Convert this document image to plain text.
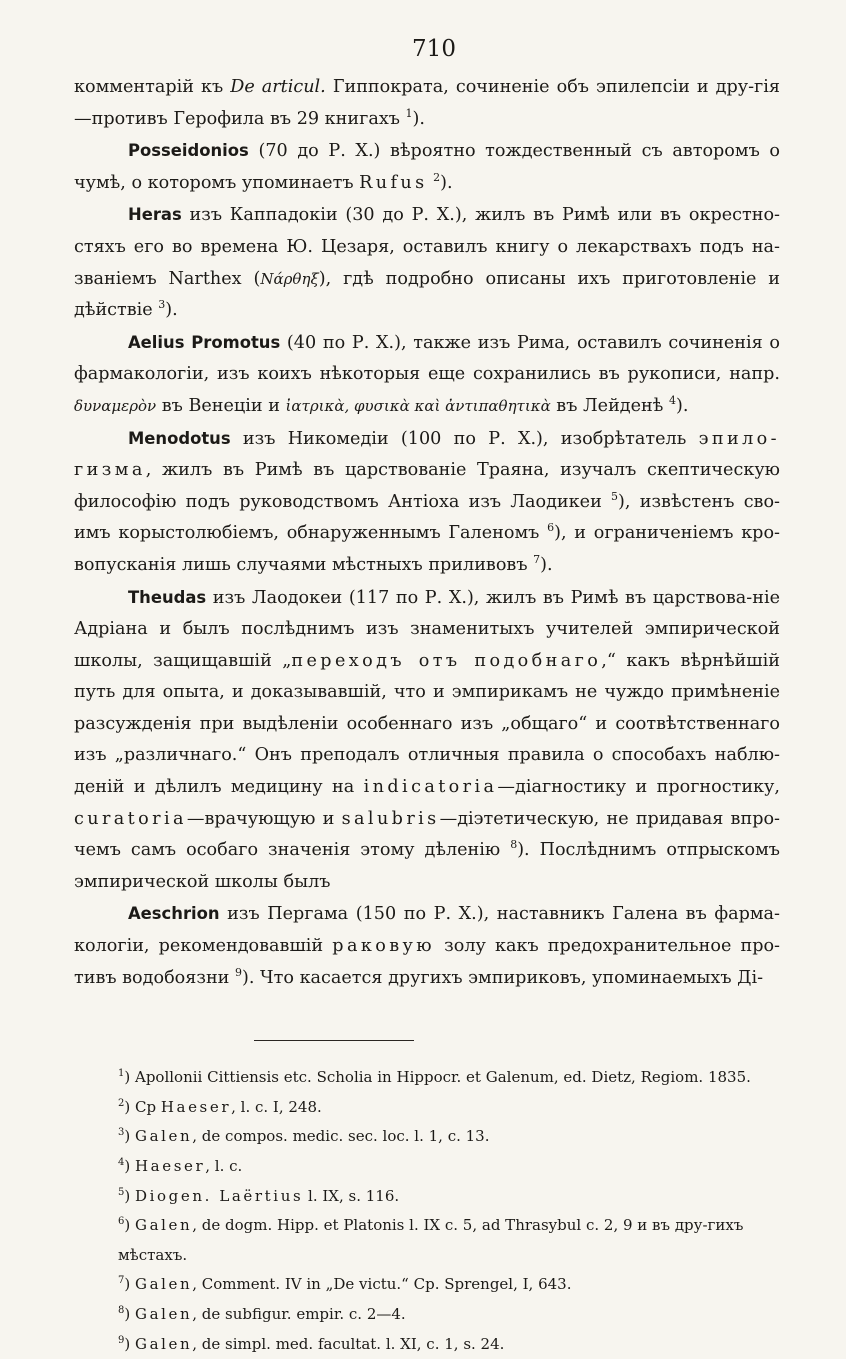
710

комментарiй къ De articul. Гиппократа, сочиненiе объ эпилепсiи и дру-гiя—противъ Герофила въ 29 книгахъ $^1$).

Posseidonios (70 до Р. Х.) вѣроятно тождественный съ авторомъ о чумѣ, о которомъ упоминаетъ Rufus $^2$).

Heras изъ Каппадокiи (30 до Р. Х.), жилъ въ Римѣ или въ окрестно-стяхъ его во времена Ю. Цезаря, оставилъ книгу о лекарствахъ подъ на-званiемъ Narthex (Νάρθηξ), гдѣ подробно описаны ихъ приготовленiе и дѣйствiе $^3$).

Aelius Promotus (40 по Р. Х.), также изъ Рима, оставилъ сочиненiя о фармакологiи, изъ коихъ нѣкоторыя еще сохранились въ рукописи, напр. δυναμερὸν въ Венецiи и ἰατρικὰ, φυσικὰ καὶ ἀντιπαθητικὰ въ Лейденѣ $^4$).

Menodotus изъ Никомедiи (100 по Р. Х.), изобрѣтатель эпило-гизма, жилъ въ Римѣ въ царствованiе Траяна, изучалъ скептическую философiю подъ руководствомъ Антiоха изъ Лаодикеи $^5$), извѣстенъ сво-имъ корыстолюбiемъ, обнаруженнымъ Галеномъ $^6$), и ограниченiемъ кро-вопусканiя лишь случаями мѣстныхъ приливовъ $^7$).

Theudas изъ Лаодокеи (117 по Р. Х.), жилъ въ Римѣ въ царствова-нiе Адрiана и былъ послѣднимъ изъ знаменитыхъ учителей эмпирической школы, защищавшiй „переходъ отъ подобнаго,“ какъ вѣрнѣйшiй путь для опыта, и доказывавшiй, что и эмпирикамъ не чуждо примѣненiе разсужденiя при выдѣленiи особеннаго изъ „общаго“ и соотвѣтственнаго изъ „различнаго.“ Онъ преподалъ отличныя правила о способахъ наблю-денiй и дѣлилъ медицину на indicatoria—дiагностику и прогностику, curatoria—врачующую и salubris—дiэтетическую, не придавая впро-чемъ самъ особаго значенiя этому дѣленiю $^8$). Послѣднимъ отпрыскомъ эмпирической школы былъ

Aeschrion изъ Пергама (150 по Р. Х.), наставникъ Галена въ фарма-кологiи, рекомендовавшiй раковую золу какъ предохранительное про-тивъ водобоязни $^9$). Что касается другихъ эмпириковъ, упоминаемыхъ Дi-

$^1$) Apollonii Cittiensis etc. Scholia in Hippocr. et Galenum, ed. Dietz, Regiom. 1835.

$^2$) Ср Haeser, l. c. I, 248.

$^3$) Galen, de compos. medic. sec. loc. l. 1, c. 13.

$^4$) Haeser, l. c.

$^5$) Diogen. Laërtius l. IX, s. 116.

$^6$) Galen, de dogm. Hipp. et Platonis l. IX c. 5, ad Thrasybul c. 2, 9 и въ дру-гихъ мѣстахъ.

$^7$) Galen, Comment. IV in „De victu.“ Ср. Sprengel, I, 643.

$^8$) Galen, de subfigur. empir. c. 2—4.

$^9$) Galen, de simpl. med. facultat. l. XI, c. 1, s. 24.
